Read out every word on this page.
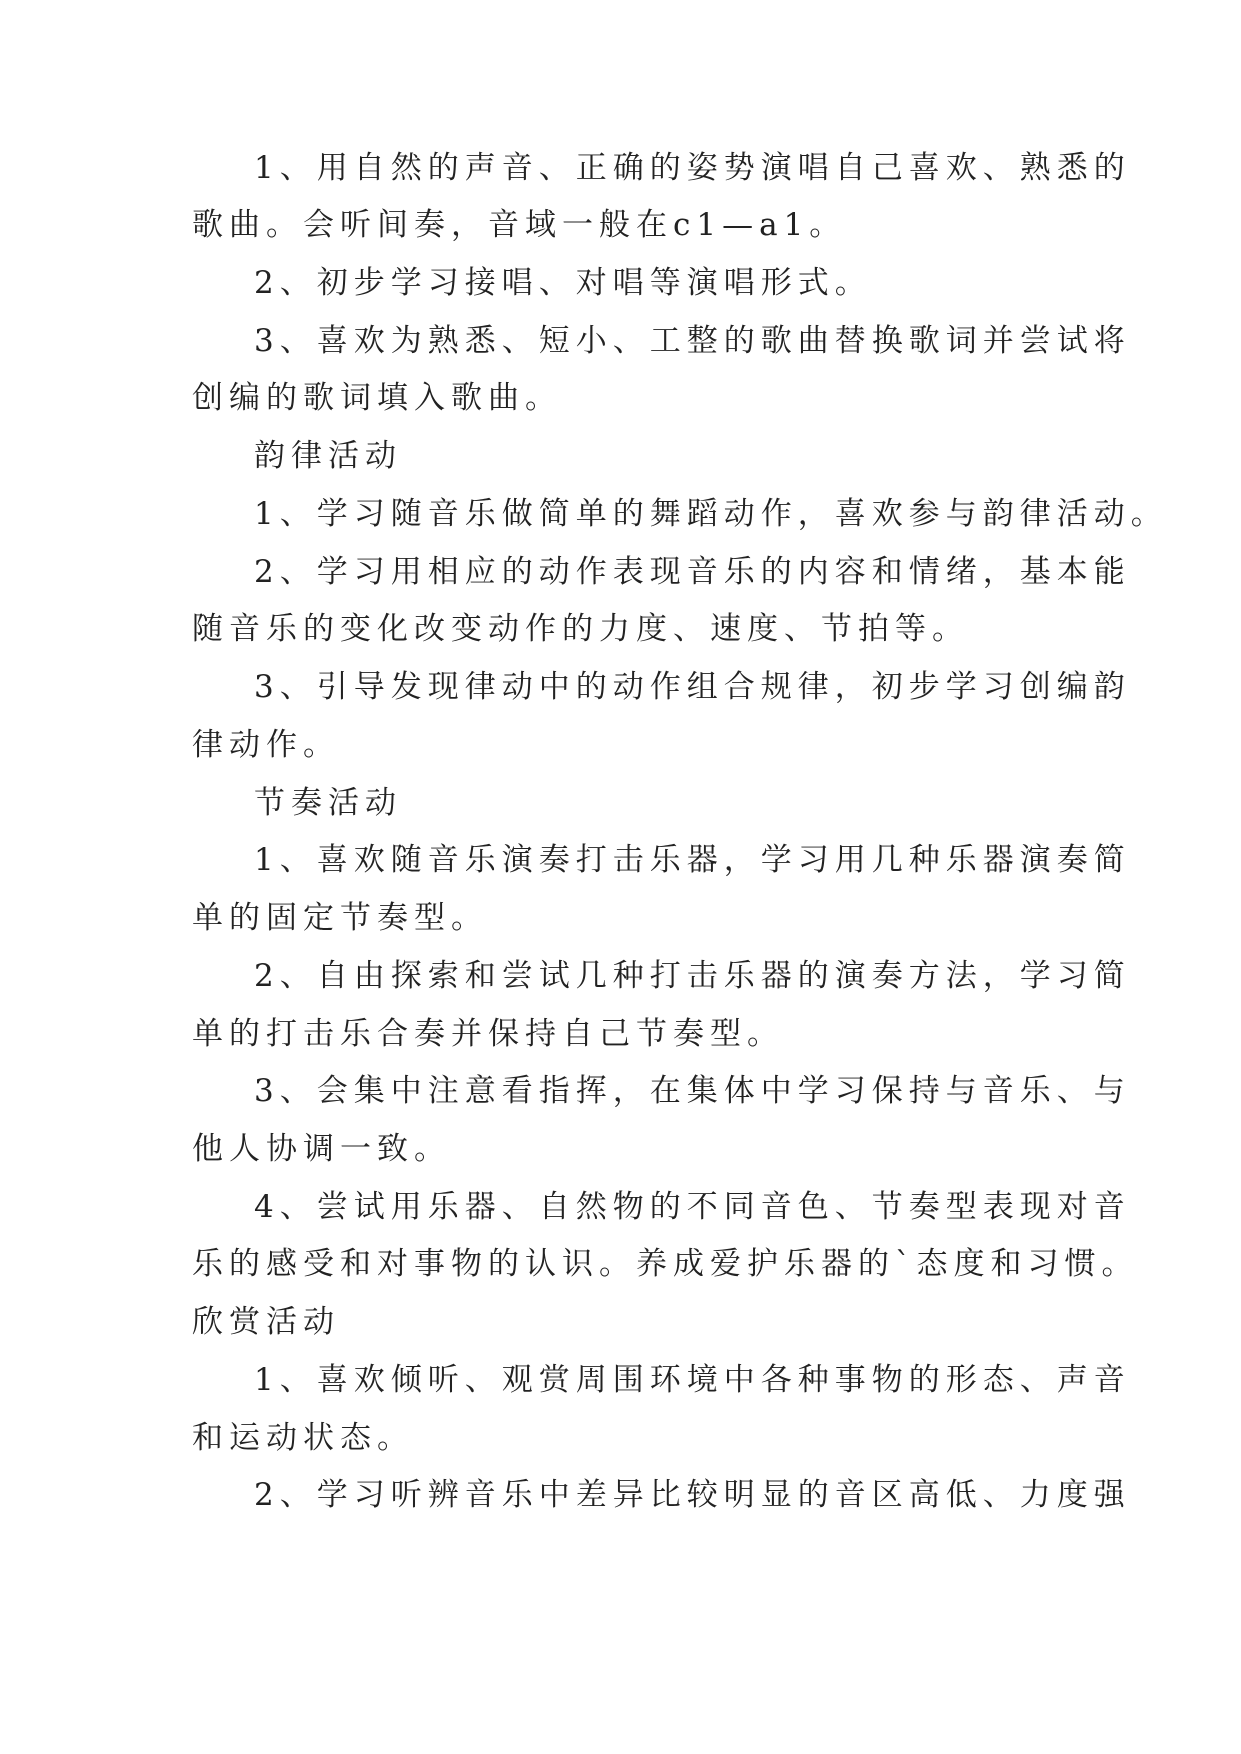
1、用自然的声音、正确的姿势演唱自己喜欢、熟悉的
歌曲。会听间奏，音域一般在c1—a1。
2、初步学习接唱、对唱等演唱形式。
3、喜欢为熟悉、短小、工整的歌曲替换歌词并尝试将
创编的歌词填入歌曲。
韵律活动
1、学习随音乐做简单的舞蹈动作，喜欢参与韵律活动。
2、学习用相应的动作表现音乐的内容和情绪，基本能
随音乐的变化改变动作的力度、速度、节拍等。
3、引导发现律动中的动作组合规律，初步学习创编韵
律动作。
节奏活动
1、喜欢随音乐演奏打击乐器，学习用几种乐器演奏简
单的固定节奏型。
2、自由探索和尝试几种打击乐器的演奏方法，学习简
单的打击乐合奏并保持自己节奏型。
3、会集中注意看指挥，在集体中学习保持与音乐、与
他人协调一致。
4、尝试用乐器、自然物的不同音色、节奏型表现对音
乐的感受和对事物的认识。养成爱护乐器的`态度和习惯。
欣赏活动
1、喜欢倾听、观赏周围环境中各种事物的形态、声音
和运动状态。
2、学习听辨音乐中差异比较明显的音区高低、力度强
